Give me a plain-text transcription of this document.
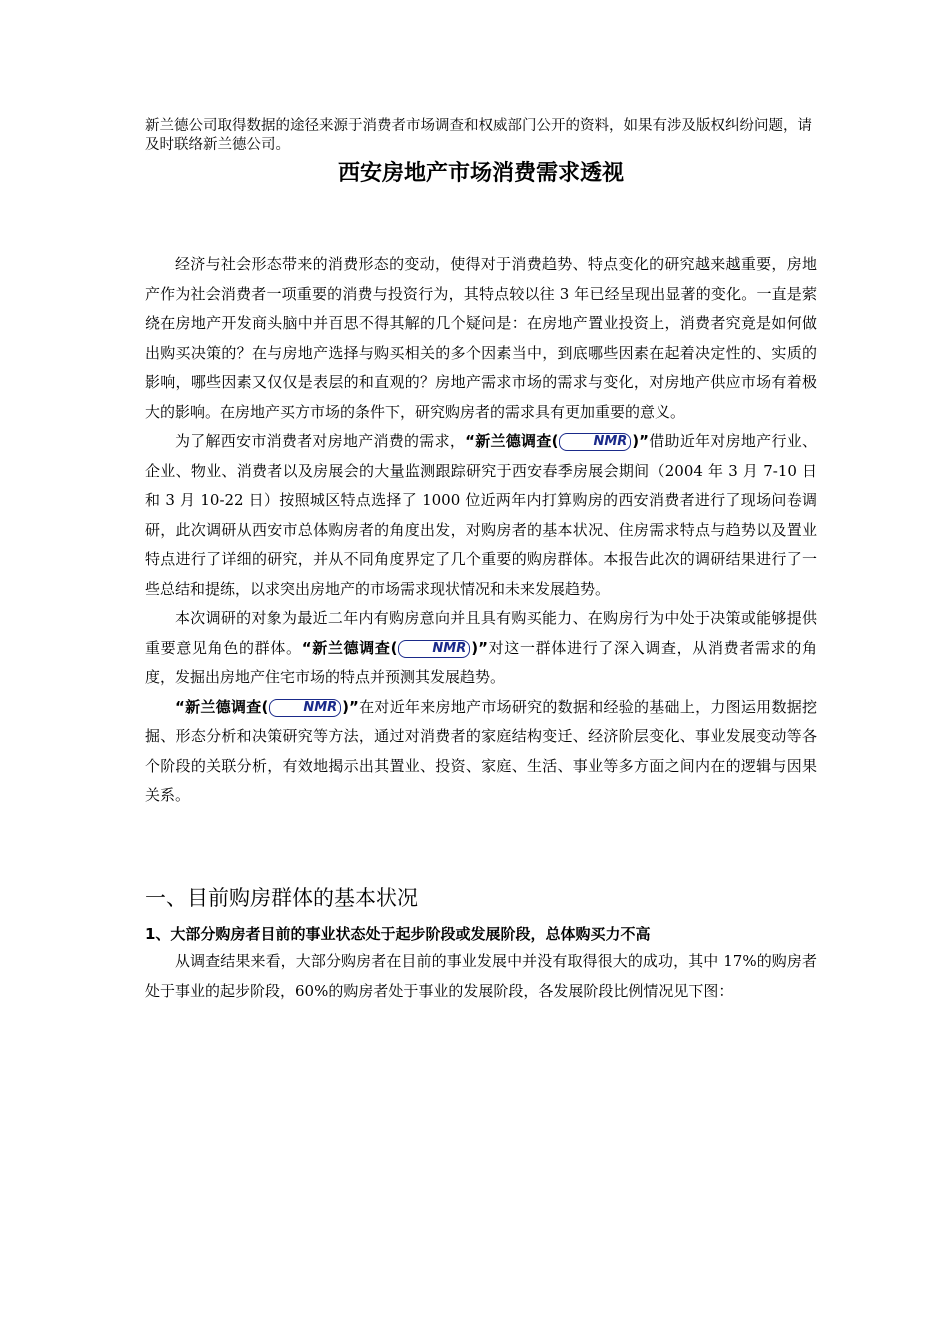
新兰德公司取得数据的途径来源于消费者市场调查和权威部门公开的资料，如果有涉及版权纠纷问题，请及时联络新兰德公司。
西安房地产市场消费需求透视

经济与社会形态带来的消费形态的变动，使得对于消费趋势、特点变化的研究越来越重要，房地产作为社会消费者一项重要的消费与投资行为，其特点较以往 3 年已经呈现出显著的变化。一直是萦绕在房地产开发商头脑中并百思不得其解的几个疑问是：在房地产置业投资上，消费者究竟是如何做出购买决策的？在与房地产选择与购买相关的多个因素当中，到底哪些因素在起着决定性的、实质的影响，哪些因素又仅仅是表层的和直观的？房地产需求市场的需求与变化，对房地产供应市场有着极大的影响。在房地产买方市场的条件下，研究购房者的需求具有更加重要的意义。

为了解西安市消费者对房地产消费的需求，“新兰德调查(	NMR )”借助近年对房地产行业、企业、物业、消费者以及房展会的大量监测跟踪研究于西安春季房展会期间（2004 年 3 月 7-10 日和 3 月 10-22 日）按照城区特点选择了 1000 位近两年内打算购房的西安消费者进行了现场问卷调研，此次调研从西安市总体购房者的角度出发，对购房者的基本状况、住房需求特点与趋势以及置业特点进行了详细的研究，并从不同角度界定了几个重要的购房群体。本报告此次的调研结果进行了一些总结和提练，以求突出房地产的市场需求现状情况和未来发展趋势。

本次调研的对象为最近二年内有购房意向并且具有购买能力、在购房行为中处于决策或能够提供重要意见角色的群体。“新兰德调查(	NMR )”对这一群体进行了深入调查，从消费者需求的角度，发掘出房地产住宅市场的特点并预测其发展趋势。

“新兰德调查(	NMR )”在对近年来房地产市场研究的数据和经验的基础上，力图运用数据挖掘、形态分析和决策研究等方法，通过对消费者的家庭结构变迁、经济阶层变化、事业发展变动等各个阶段的关联分析，有效地揭示出其置业、投资、家庭、生活、事业等多方面之间内在的逻辑与因果关系。

一、目前购房群体的基本状况
1、大部分购房者目前的事业状态处于起步阶段或发展阶段，总体购买力不高

从调查结果来看，大部分购房者在目前的事业发展中并没有取得很大的成功，其中 17%的购房者处于事业的起步阶段，60%的购房者处于事业的发展阶段，各发展阶段比例情况见下图：
